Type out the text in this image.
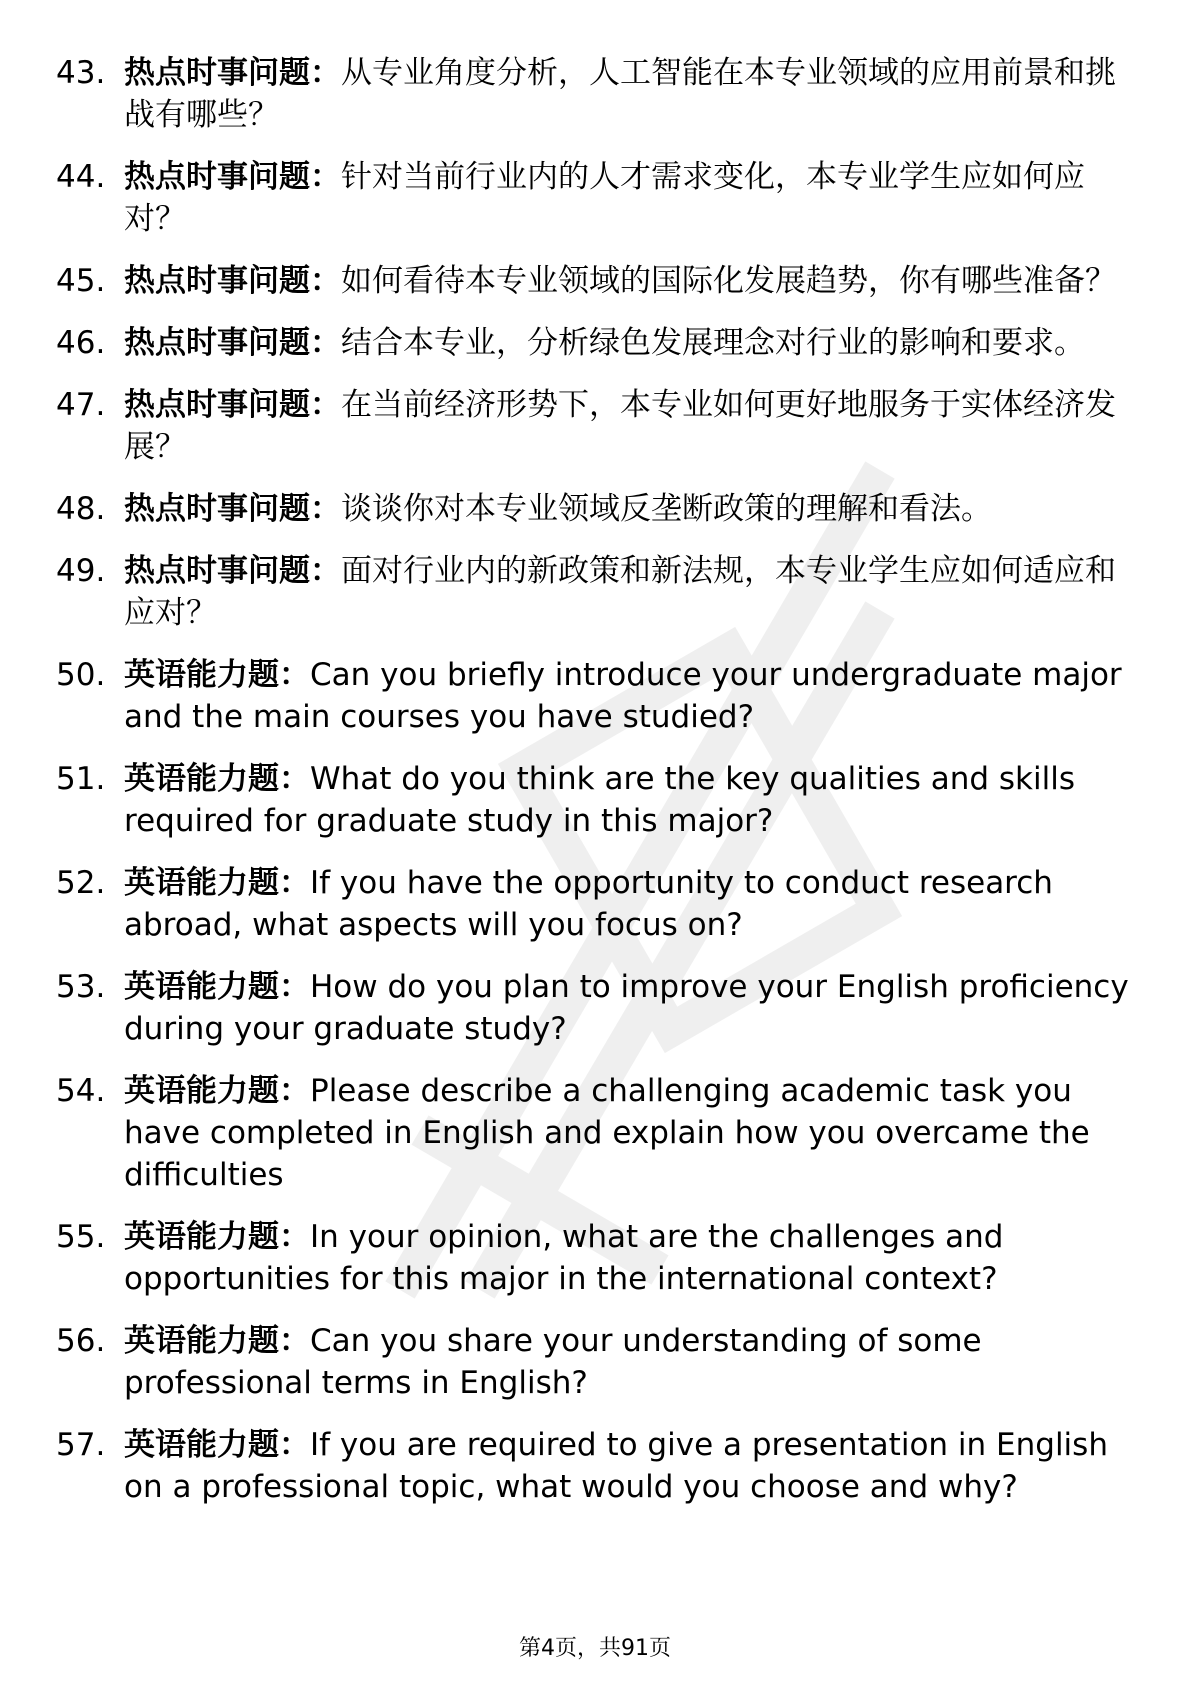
43. 热点时事问题：从专业角度分析，人工智能在本专业领域的应用前景和挑战有哪些？
44. 热点时事问题：针对当前行业内的人才需求变化，本专业学生应如何应对？
45. 热点时事问题：如何看待本专业领域的国际化发展趋势，你有哪些准备？
46. 热点时事问题：结合本专业，分析绿色发展理念对行业的影响和要求。
47. 热点时事问题：在当前经济形势下，本专业如何更好地服务于实体经济发展？
48. 热点时事问题：谈谈你对本专业领域反垄断政策的理解和看法。
49. 热点时事问题：面对行业内的新政策和新法规，本专业学生应如何适应和应对？
50. 英语能力题：Can you briefly introduce your undergraduate major and the main courses you have studied?
51. 英语能力题：What do you think are the key qualities and skills required for graduate study in this major?
52. 英语能力题：If you have the opportunity to conduct research abroad, what aspects will you focus on?
53. 英语能力题：How do you plan to improve your English proficiency during your graduate study?
54. 英语能力题：Please describe a challenging academic task you have completed in English and explain how you overcame the difficulties
55. 英语能力题：In your opinion, what are the challenges and opportunities for this major in the international context?
56. 英语能力题：Can you share your understanding of some professional terms in English?
57. 英语能力题：If you are required to give a presentation in English on a professional topic, what would you choose and why?
第4页，共91页
